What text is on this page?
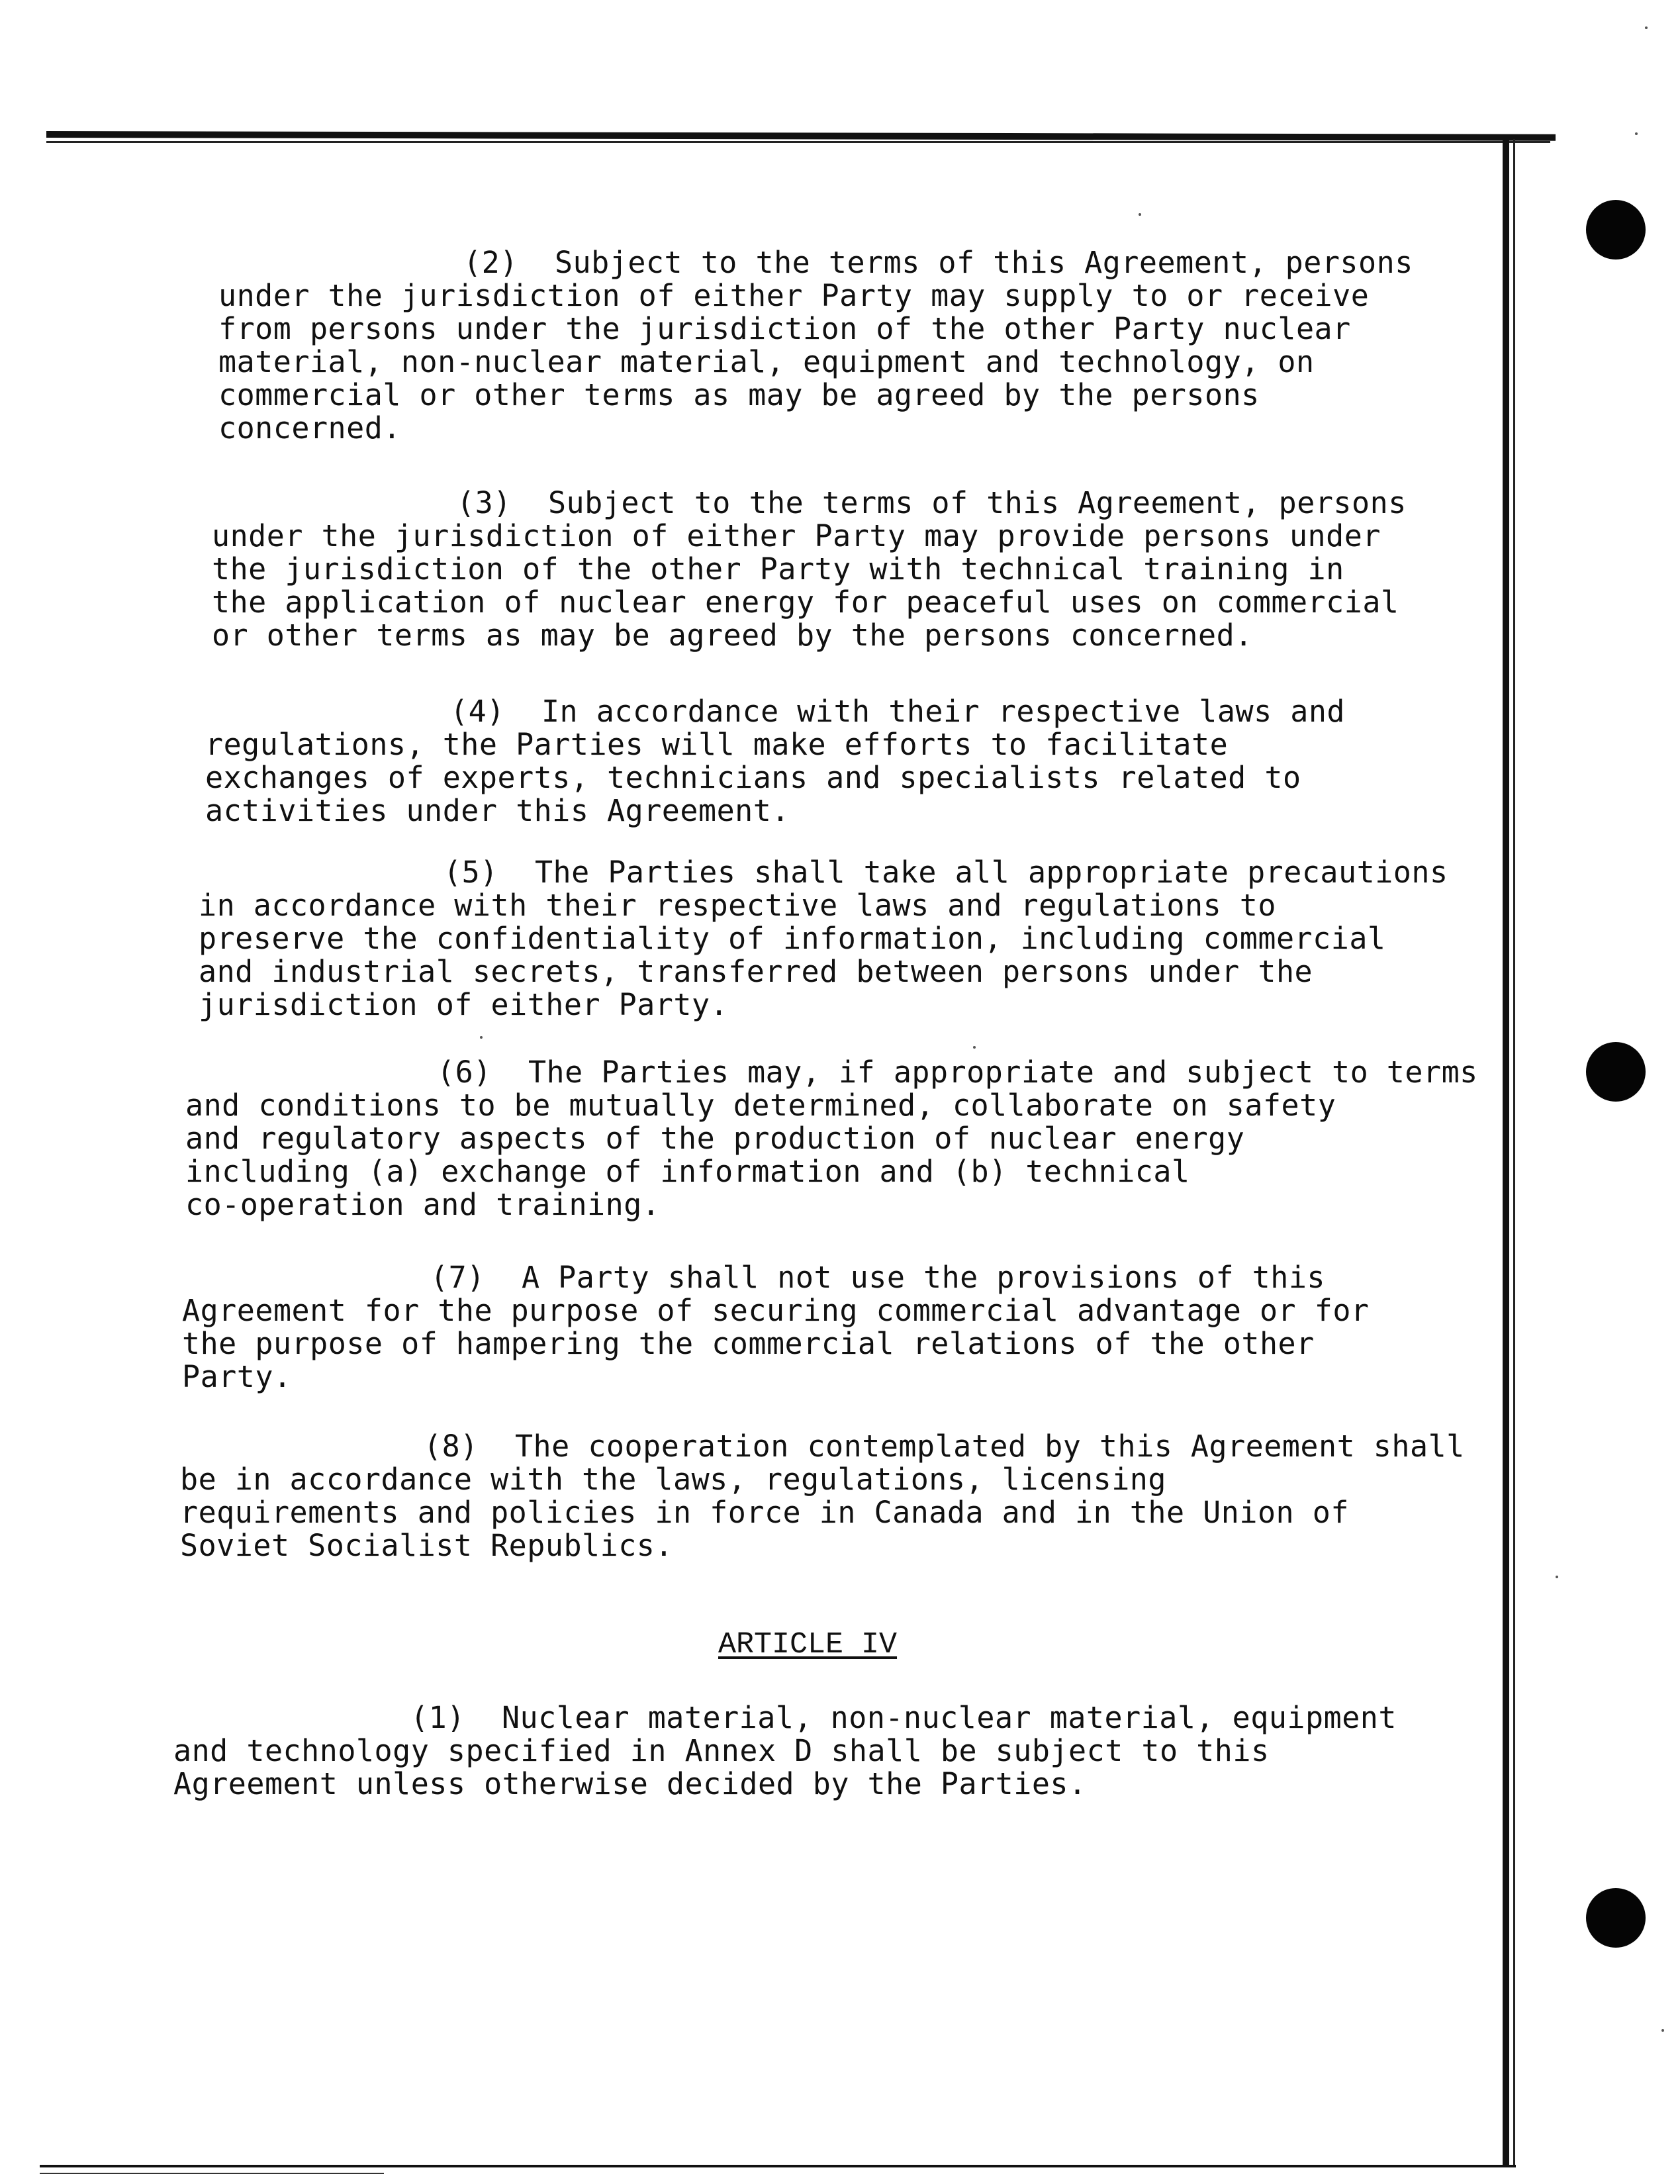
(2) Subject to the terms of this Agreement, persons
(3) Subject to the terms of this Agreement, persons
(4) In accordance with their respective laws and
(5) The Parties shall take all appropriate precautions
(6) The Parties may, if appropriate and subject to terms
(7) A Party shall not use the provisions of this
(8) The cooperation contemplated by this Agreement shall
ARTICLE IV
(1) Nuclear material, non-nuclear material, equipment
under the jurisdiction of either Party may supply to or receive
from persons under the jurisdiction of the other Party nuclear
material, non-nuclear material, equipment and technology, on
commercial or other terms as may be agreed by the persons
concerned.
under the jurisdiction of either Party may provide persons under
the jurisdiction of the other Party with technical training in
the application of nuclear energy for peaceful uses on commercial
or other terms as may be agreed by the persons concerned.
regulations, the Parties will make efforts to facilitate
exchanges of experts, technicians and specialists related to
activities under this Agreement.
in accordance with their respective laws and regulations to
preserve the confidentiality of information, including commercial
and industrial secrets, transferred between persons under the
jurisdiction of either Party.
and conditions to be mutually determined, collaborate on safety
and regulatory aspects of the production of nuclear energy
including (a) exchange of information and (b) technical
co-operation and training.
Agreement for the purpose of securing commercial advantage or for
the purpose of hampering the commercial relations of the other
Party.
be in accordance with the laws, regulations, licensing
requirements and policies in force in Canada and in the Union of
Soviet Socialist Republics.
and technology specified in Annex D shall be subject to this
Agreement unless otherwise decided by the Parties.
